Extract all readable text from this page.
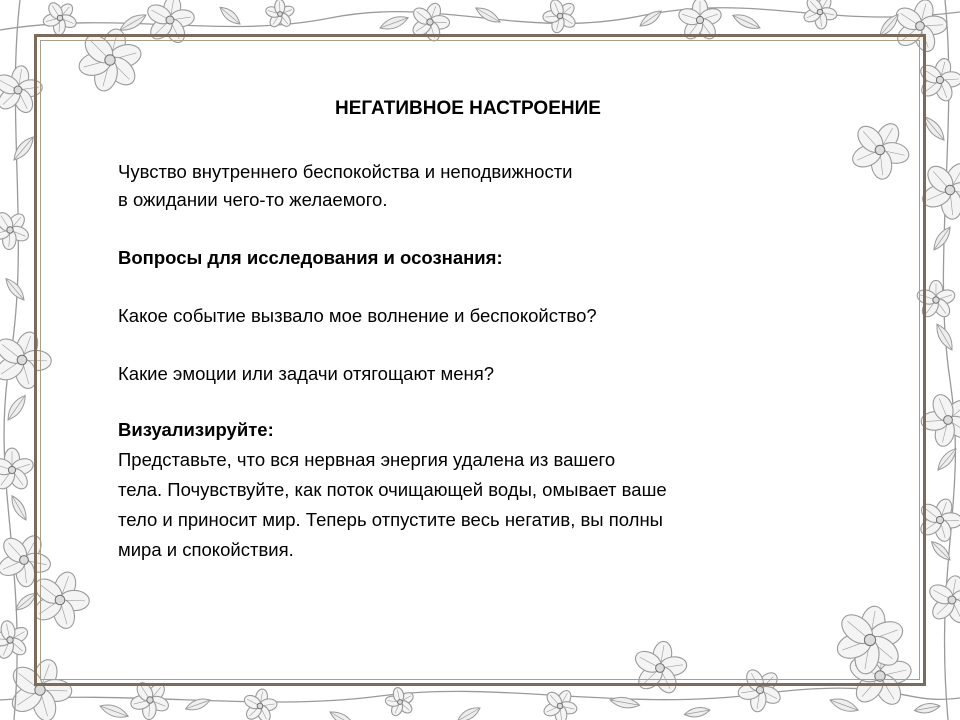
НЕГАТИВНОЕ НАСТРОЕНИЕ
Чувство внутреннего беспокойства и неподвижности
в ожидании чего-то желаемого.
Вопросы для исследования и осознания:
Какое событие вызвало мое волнение и беспокойство?
Какие эмоции или задачи отягощают меня?
Визуализируйте:
Представьте, что вся нервная энергия удалена из вашего
тела. Почувствуйте, как поток очищающей воды, омывает ваше
тело и приносит мир. Теперь отпустите весь негатив, вы полны
мира и спокойствия.
